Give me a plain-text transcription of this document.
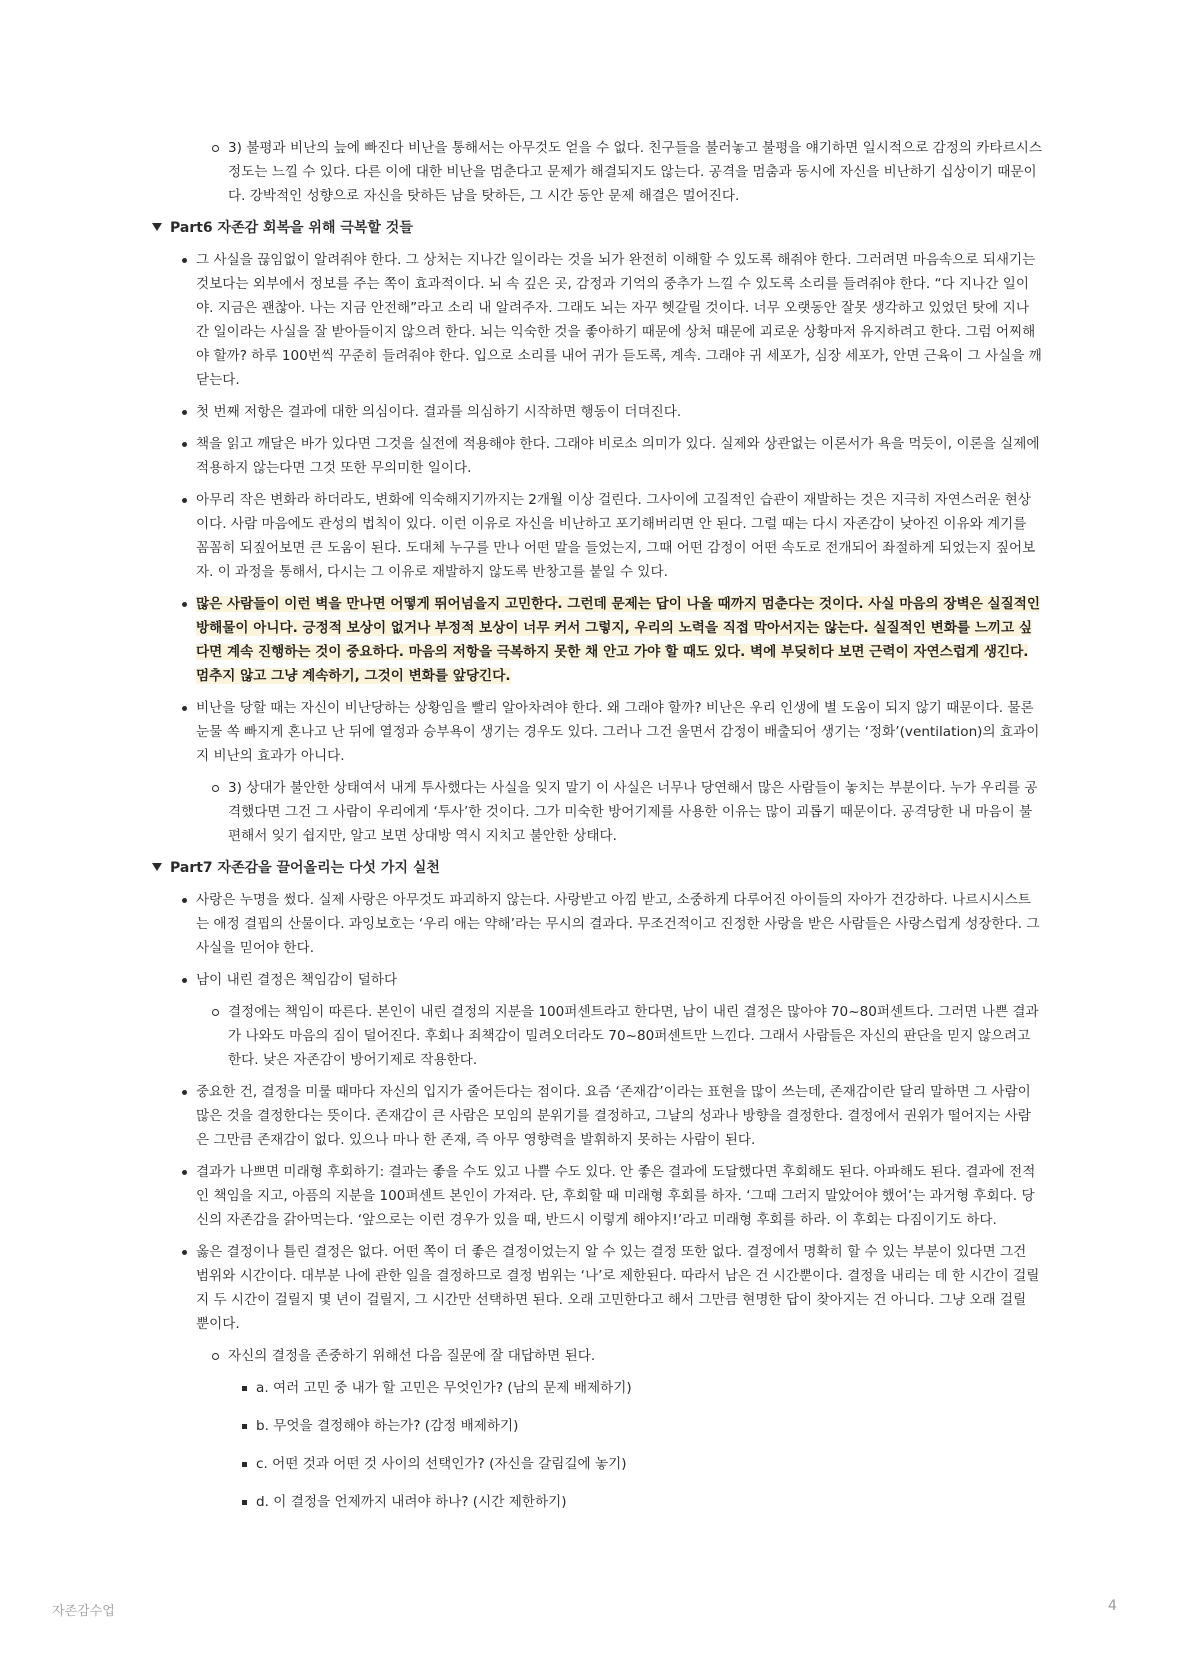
3) 불평과 비난의 늪에 빠진다 비난을 통해서는 아무것도 얻을 수 없다. 친구들을 불러놓고 불평을 얘기하면 일시적으로 감정의 카타르시스 정도는 느낄 수 있다. 다른 이에 대한 비난을 멈춘다고 문제가 해결되지도 않는다. 공격을 멈춤과 동시에 자신을 비난하기 십상이기 때문이다. 강박적인 성향으로 자신을 탓하든 남을 탓하든, 그 시간 동안 문제 해결은 멀어진다.
Part6 자존감 회복을 위해 극복할 것들
그 사실을 끊임없이 알려줘야 한다. 그 상처는 지나간 일이라는 것을 뇌가 완전히 이해할 수 있도록 해줘야 한다. 그러려면 마음속으로 되새기는 것보다는 외부에서 정보를 주는 쪽이 효과적이다. 뇌 속 깊은 곳, 감정과 기억의 중추가 느낄 수 있도록 소리를 들려줘야 한다. “다 지나간 일이야. 지금은 괜찮아. 나는 지금 안전해”라고 소리 내 알려주자. 그래도 뇌는 자꾸 헷갈릴 것이다. 너무 오랫동안 잘못 생각하고 있었던 탓에 지나간 일이라는 사실을 잘 받아들이지 않으려 한다. 뇌는 익숙한 것을 좋아하기 때문에 상처 때문에 괴로운 상황마저 유지하려고 한다. 그럼 어찌해야 할까? 하루 100번씩 꾸준히 들려줘야 한다. 입으로 소리를 내어 귀가 듣도록, 계속. 그래야 귀 세포가, 심장 세포가, 안면 근육이 그 사실을 깨닫는다.
첫 번째 저항은 결과에 대한 의심이다. 결과를 의심하기 시작하면 행동이 더뎌진다.
책을 읽고 깨달은 바가 있다면 그것을 실전에 적용해야 한다. 그래야 비로소 의미가 있다. 실제와 상관없는 이론서가 욕을 먹듯이, 이론을 실제에 적용하지 않는다면 그것 또한 무의미한 일이다.
아무리 작은 변화라 하더라도, 변화에 익숙해지기까지는 2개월 이상 걸린다. 그사이에 고질적인 습관이 재발하는 것은 지극히 자연스러운 현상이다. 사람 마음에도 관성의 법칙이 있다. 이런 이유로 자신을 비난하고 포기해버리면 안 된다. 그럴 때는 다시 자존감이 낮아진 이유와 계기를 꼼꼼히 되짚어보면 큰 도움이 된다. 도대체 누구를 만나 어떤 말을 들었는지, 그때 어떤 감정이 어떤 속도로 전개되어 좌절하게 되었는지 짚어보자. 이 과정을 통해서, 다시는 그 이유로 재발하지 않도록 반창고를 붙일 수 있다.
많은 사람들이 이런 벽을 만나면 어떻게 뛰어넘을지 고민한다. 그런데 문제는 답이 나올 때까지 멈춘다는 것이다. 사실 마음의 장벽은 실질적인 방해물이 아니다. 긍정적 보상이 없거나 부정적 보상이 너무 커서 그렇지, 우리의 노력을 직접 막아서지는 않는다. 실질적인 변화를 느끼고 싶다면 계속 진행하는 것이 중요하다. 마음의 저항을 극복하지 못한 채 안고 가야 할 때도 있다. 벽에 부딪히다 보면 근력이 자연스럽게 생긴다. 멈추지 않고 그냥 계속하기, 그것이 변화를 앞당긴다.
비난을 당할 때는 자신이 비난당하는 상황임을 빨리 알아차려야 한다. 왜 그래야 할까? 비난은 우리 인생에 별 도움이 되지 않기 때문이다. 물론 눈물 쏙 빠지게 혼나고 난 뒤에 열정과 승부욕이 생기는 경우도 있다. 그러나 그건 울면서 감정이 배출되어 생기는 ‘정화’(ventilation)의 효과이지 비난의 효과가 아니다.
3) 상대가 불안한 상태여서 내게 투사했다는 사실을 잊지 말기 이 사실은 너무나 당연해서 많은 사람들이 놓치는 부분이다. 누가 우리를 공격했다면 그건 그 사람이 우리에게 ‘투사’한 것이다. 그가 미숙한 방어기제를 사용한 이유는 많이 괴롭기 때문이다. 공격당한 내 마음이 불편해서 잊기 쉽지만, 알고 보면 상대방 역시 지치고 불안한 상태다.
Part7 자존감을 끌어올리는 다섯 가지 실천
사랑은 누명을 썼다. 실제 사랑은 아무것도 파괴하지 않는다. 사랑받고 아낌 받고, 소중하게 다루어진 아이들의 자아가 건강하다. 나르시시스트는 애정 결핍의 산물이다. 과잉보호는 ‘우리 애는 약해’라는 무시의 결과다. 무조건적이고 진정한 사랑을 받은 사람들은 사랑스럽게 성장한다. 그 사실을 믿어야 한다.
남이 내린 결정은 책임감이 덜하다
결정에는 책임이 따른다. 본인이 내린 결정의 지분을 100퍼센트라고 한다면, 남이 내린 결정은 많아야 70~80퍼센트다. 그러면 나쁜 결과가 나와도 마음의 짐이 덜어진다. 후회나 죄책감이 밀려오더라도 70~80퍼센트만 느낀다. 그래서 사람들은 자신의 판단을 믿지 않으려고 한다. 낮은 자존감이 방어기제로 작용한다.
중요한 건, 결정을 미룰 때마다 자신의 입지가 줄어든다는 점이다. 요즘 ‘존재감’이라는 표현을 많이 쓰는데, 존재감이란 달리 말하면 그 사람이 많은 것을 결정한다는 뜻이다. 존재감이 큰 사람은 모임의 분위기를 결정하고, 그날의 성과나 방향을 결정한다. 결정에서 권위가 떨어지는 사람은 그만큼 존재감이 없다. 있으나 마나 한 존재, 즉 아무 영향력을 발휘하지 못하는 사람이 된다.
결과가 나쁘면 미래형 후회하기: 결과는 좋을 수도 있고 나쁠 수도 있다. 안 좋은 결과에 도달했다면 후회해도 된다. 아파해도 된다. 결과에 전적인 책임을 지고, 아픔의 지분을 100퍼센트 본인이 가져라. 단, 후회할 때 미래형 후회를 하자. ‘그때 그러지 말았어야 했어’는 과거형 후회다. 당신의 자존감을 갉아먹는다. ‘앞으로는 이런 경우가 있을 때, 반드시 이렇게 해야지!’라고 미래형 후회를 하라. 이 후회는 다짐이기도 하다.
옳은 결정이나 틀린 결정은 없다. 어떤 쪽이 더 좋은 결정이었는지 알 수 있는 결정 또한 없다. 결정에서 명확히 할 수 있는 부분이 있다면 그건 범위와 시간이다. 대부분 나에 관한 일을 결정하므로 결정 범위는 ‘나’로 제한된다. 따라서 남은 건 시간뿐이다. 결정을 내리는 데 한 시간이 걸릴지 두 시간이 걸릴지 몇 년이 걸릴지, 그 시간만 선택하면 된다. 오래 고민한다고 해서 그만큼 현명한 답이 찾아지는 건 아니다. 그냥 오래 걸릴 뿐이다.
자신의 결정을 존중하기 위해선 다음 질문에 잘 대답하면 된다.
a. 여러 고민 중 내가 할 고민은 무엇인가? (남의 문제 배제하기)
b. 무엇을 결정해야 하는가? (감정 배제하기)
c. 어떤 것과 어떤 것 사이의 선택인가? (자신을 갈림길에 놓기)
d. 이 결정을 언제까지 내려야 하나? (시간 제한하기)
자존감수업	4
